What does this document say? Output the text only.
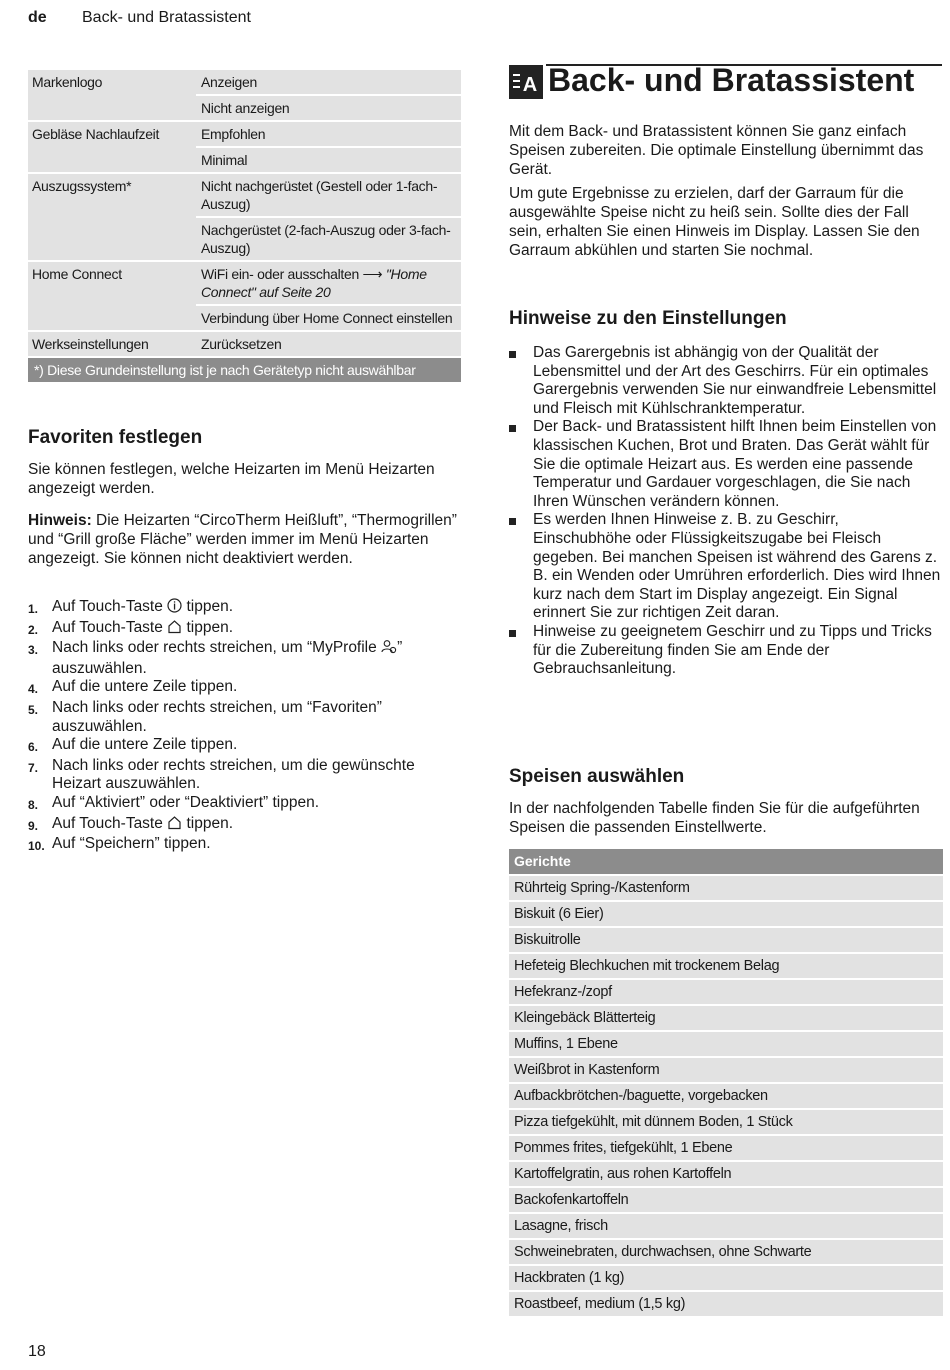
de Back- und Bratassistent
Markenlogo	Anzeigen
Nicht anzeigen
Gebläse Nachlaufzeit	Empfohlen
Minimal
Auszugssystem*	Nicht nachgerüstet (Gestell oder 1-fach-Auszug)
Nachgerüstet (2-fach-Auszug oder 3-fach-Auszug)
Home Connect	WiFi ein- oder ausschalten ⟶ "Home Connect" auf Seite 20
Verbindung über Home Connect einstellen
Werkseinstellungen	Zurücksetzen
*) Diese Grundeinstellung ist je nach Gerätetyp nicht auswählbar
Favoriten festlegen
Sie können festlegen, welche Heizarten im Menü Heizarten angezeigt werden.
Hinweis: Die Heizarten “CircoTherm Heißluft”, “Thermogrillen” und “Grill große Fläche” werden immer im Menü Heizarten angezeigt. Sie können nicht deaktiviert werden.
1. Auf Touch-Taste  tippen.
2. Auf Touch-Taste  tippen.
3. Nach links oder rechts streichen, um “MyProfile ” auszuwählen.
4. Auf die untere Zeile tippen.
5. Nach links oder rechts streichen, um “Favoriten” auszuwählen.
6. Auf die untere Zeile tippen.
7. Nach links oder rechts streichen, um die gewünschte Heizart auszuwählen.
8. Auf “Aktiviert” oder “Deaktiviert” tippen.
9. Auf Touch-Taste  tippen.
10. Auf “Speichern” tippen.
A Back- und Bratassistent
Mit dem Back- und Bratassistent können Sie ganz einfach Speisen zubereiten. Die optimale Einstellung übernimmt das Gerät.
Um gute Ergebnisse zu erzielen, darf der Garraum für die ausgewählte Speise nicht zu heiß sein. Sollte dies der Fall sein, erhalten Sie einen Hinweis im Display. Lassen Sie den Garraum abkühlen und starten Sie nochmal.
Hinweise zu den Einstellungen
Das Garergebnis ist abhängig von der Qualität der Lebensmittel und der Art des Geschirrs. Für ein optimales Garergebnis verwenden Sie nur einwandfreie Lebensmittel und Fleisch mit Kühlschranktemperatur.
Der Back- und Bratassistent hilft Ihnen beim Einstellen von klassischen Kuchen, Brot und Braten. Das Gerät wählt für Sie die optimale Heizart aus. Es werden eine passende Temperatur und Gardauer vorgeschlagen, die Sie nach Ihren Wünschen verändern können.
Es werden Ihnen Hinweise z. B. zu Geschirr, Einschubhöhe oder Flüssigkeitszugabe bei Fleisch gegeben. Bei manchen Speisen ist während des Garens z. B. ein Wenden oder Umrühren erforderlich. Dies wird Ihnen kurz nach dem Start im Display angezeigt. Ein Signal erinnert Sie zur richtigen Zeit daran.
Hinweise zu geeignetem Geschirr und zu Tipps und Tricks für die Zubereitung finden Sie am Ende der Gebrauchsanleitung.
Speisen auswählen
In der nachfolgenden Tabelle finden Sie für die aufgeführten Speisen die passenden Einstellwerte.
Gerichte
Rührteig Spring-/Kastenform
Biskuit (6 Eier)
Biskuitrolle
Hefeteig Blechkuchen mit trockenem Belag
Hefekranz-/zopf
Kleingebäck Blätterteig
Muffins, 1 Ebene
Weißbrot in Kastenform
Aufbackbrötchen-/baguette, vorgebacken
Pizza tiefgekühlt, mit dünnem Boden, 1 Stück
Pommes frites, tiefgekühlt, 1 Ebene
Kartoffelgratin, aus rohen Kartoffeln
Backofenkartoffeln
Lasagne, frisch
Schweinebraten, durchwachsen, ohne Schwarte
Hackbraten (1 kg)
Roastbeef, medium (1,5 kg)
18
